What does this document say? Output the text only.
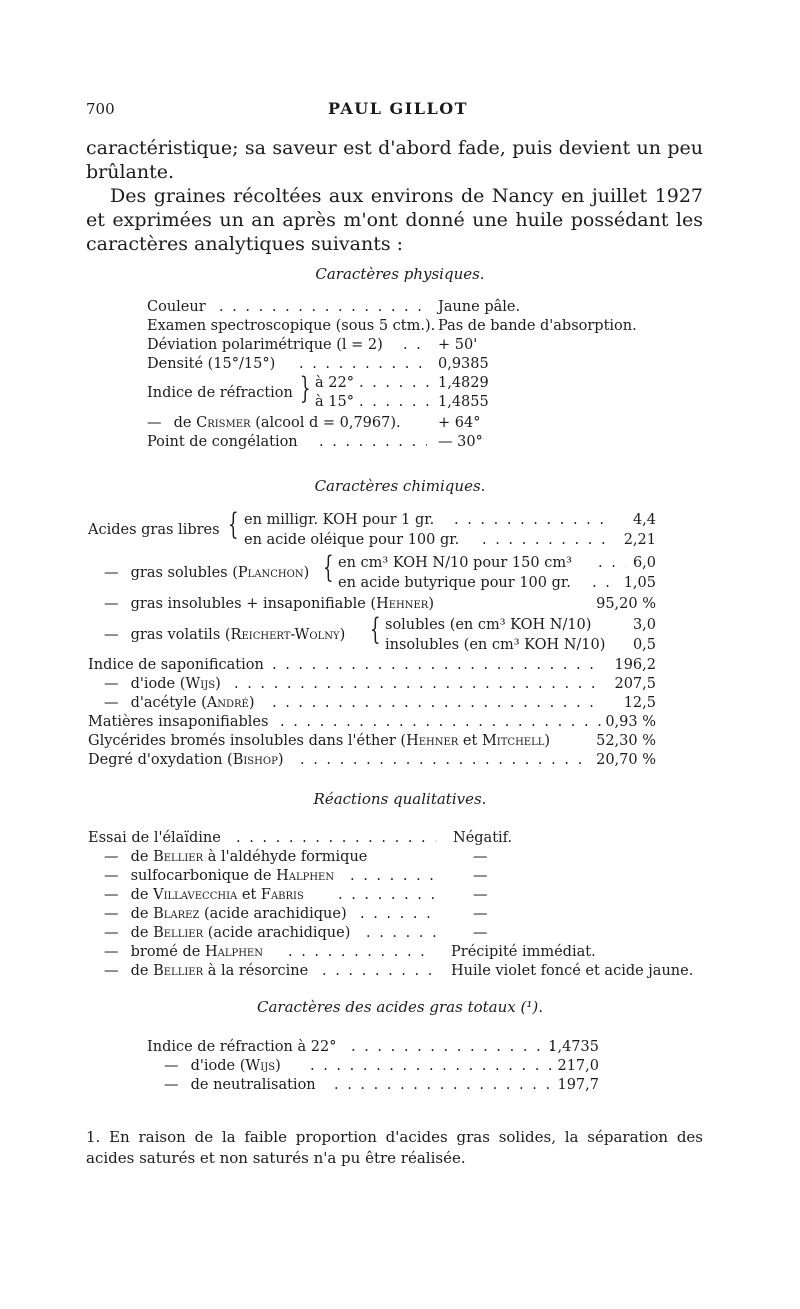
700	PAUL GILLOT

caractéristique; sa saveur est d'abord fade, puis devient un peu brûlante.

Des graines récoltées aux environs de Nancy en juillet 1927 et exprimées un an après m'ont donné une huile possédant les caractères analytiques suivants :

Caractères physiques.
Couleur . . .	Jaune pâle.
Examen spectroscopique (sous 5 ctm.). Pas de bande d'absorption.
Déviation polarimétrique (l = 2) . . .	+ 50'
Densité (15°/15°) . . .	0,9385
Indice de réfraction } à 22° . . .	1,4829
à 15° . . .	1,4855
— de Crismer (alcool d = 0,7967).	+ 64°
Point de congélation . . .	— 30°
Caractères chimiques.
Acides gras libres { en milligr. KOH pour 1 gr. . . .	4,4
en acide oléique pour 100 gr. . . .	2,21
— gras solubles (Planchon) { en cm³ KOH N/10 pour 150 cm³ . . .	6,0
en acide butyrique pour 100 gr. . . .	1,05
— gras insolubles + insaponifiable (Hehner)	95,20 %
— gras volatils (Reichert-Wolny) { solubles (en cm³ KOH N/10)	3,0
insolubles (en cm³ KOH N/10)	0,5
Indice de saponification . . .	196,2
— d'iode (Wijs) . . .	207,5
— d'acétyle (André) . . .	12,5
Matières insaponifiables . . .	0,93 %
Glycérides bromés insolubles dans l'éther (Hehner et Mitchell)	52,30 %
Degré d'oxydation (Bishop) . . .	20,70 %
Réactions qualitatives.
Essai de l'élaïdine . . .	Négatif.
— de Bellier à l'aldéhyde formique	—
— sulfocarbonique de Halphen . . .	—
— de Villavecchia et Fabris . . .	—
— de Blarez (acide arachidique) . . .	—
— de Bellier (acide arachidique) . . .	—
— bromé de Halphen . . .	Précipité immédiat.
— de Bellier à la résorcine . . .	Huile violet foncé et acide jaune.
Caractères des acides gras totaux (¹).
Indice de réfraction à 22° . . .	1,4735
— d'iode (Wijs) . . .	217,0
— de neutralisation . . .	197,7
1. En raison de la faible proportion d'acides gras solides, la séparation des acides saturés et non saturés n'a pu être réalisée.
